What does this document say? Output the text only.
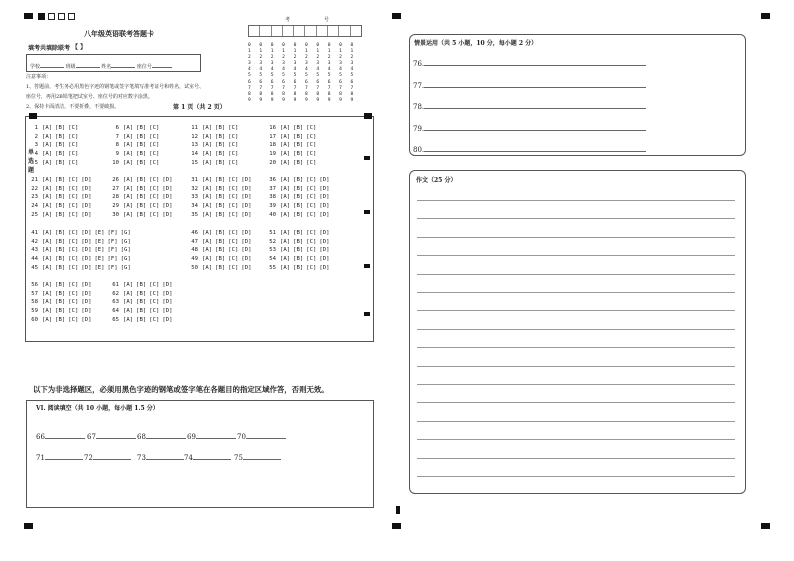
八年级英语联考答题卡
考	号
0	0	0	0	0	0	0	0	0	0
1	1	1	1	1	1	1	1	1	1
2	2	2	2	2	2	2	2	2	2
3	3	3	3	3	3	3	3	3	3
4	4	4	4	4	4	4	4	4	4
5	5	5	5	5	5	5	5	5	5
6	6	6	6	6	6	6	6	6	6
7	7	7	7	7	7	7	7	7	7
8	8	8	8	8	8	8	8	8	8
9	9	9	9	9	9	9	9	9	9
填考共填除联考 【 】
学校	班级	姓名	座位号
注意事项：
1、答题前，考生务必用黑色字迹的钢笔或签字笔填写准考证号和姓名，试室号、
座位号，再用2B铅笔把试室号、座位号的对应数字涂黑。
2、保持卡面清洁，不要折叠，不要破损。	第 1 页（共 2 页）
单
选
题
1 [A] [B] [C]	6 [A] [B] [C]	11 [A] [B] [C]	16 [A] [B] [C]
2 [A] [B] [C]	7 [A] [B] [C]	12 [A] [B] [C]	17 [A] [B] [C]
3 [A] [B] [C]	8 [A] [B] [C]	13 [A] [B] [C]	18 [A] [B] [C]
4 [A] [B] [C]	9 [A] [B] [C]	14 [A] [B] [C]	19 [A] [B] [C]
5 [A] [B] [C]	10 [A] [B] [C]	15 [A] [B] [C]	20 [A] [B] [C]
21 [A] [B] [C] [D]	26 [A] [B] [C] [D]	31 [A] [B] [C] [D]	36 [A] [B] [C] [D]
22 [A] [B] [C] [D]	27 [A] [B] [C] [D]	32 [A] [B] [C] [D]	37 [A] [B] [C] [D]
23 [A] [B] [C] [D]	28 [A] [B] [C] [D]	33 [A] [B] [C] [D]	38 [A] [B] [C] [D]
24 [A] [B] [C] [D]	29 [A] [B] [C] [D]	34 [A] [B] [C] [D]	39 [A] [B] [C] [D]
25 [A] [B] [C] [D]	30 [A] [B] [C] [D]	35 [A] [B] [C] [D]	40 [A] [B] [C] [D]
41 [A] [B] [C] [D] [E] [F] [G]
42 [A] [B] [C] [D] [E] [F] [G]
43 [A] [B] [C] [D] [E] [F] [G]
44 [A] [B] [C] [D] [E] [F] [G]
45 [A] [B] [C] [D] [E] [F] [G]
46 [A] [B] [C] [D]	51 [A] [B] [C] [D]
47 [A] [B] [C] [D]	52 [A] [B] [C] [D]
48 [A] [B] [C] [D]	53 [A] [B] [C] [D]
49 [A] [B] [C] [D]	54 [A] [B] [C] [D]
50 [A] [B] [C] [D]	55 [A] [B] [C] [D]
56 [A] [B] [C] [D]	61 [A] [B] [C] [D]
57 [A] [B] [C] [D]	62 [A] [B] [C] [D]
58 [A] [B] [C] [D]	63 [A] [B] [C] [D]
59 [A] [B] [C] [D]	64 [A] [B] [C] [D]
60 [A] [B] [C] [D]	65 [A] [B] [C] [D]
以下为非选择题区，必须用黑色字迹的钢笔或签字笔在各题目的指定区域作答，否则无效。
VI. 阅读填空（共 10 小题，每小题 1.5 分）
66	67	68	69	70
71	72	73	74	75
情景运用（共 5 小题，10 分，每小题 2 分）
76.
77.
78.
79.
80.
作文（25 分）
